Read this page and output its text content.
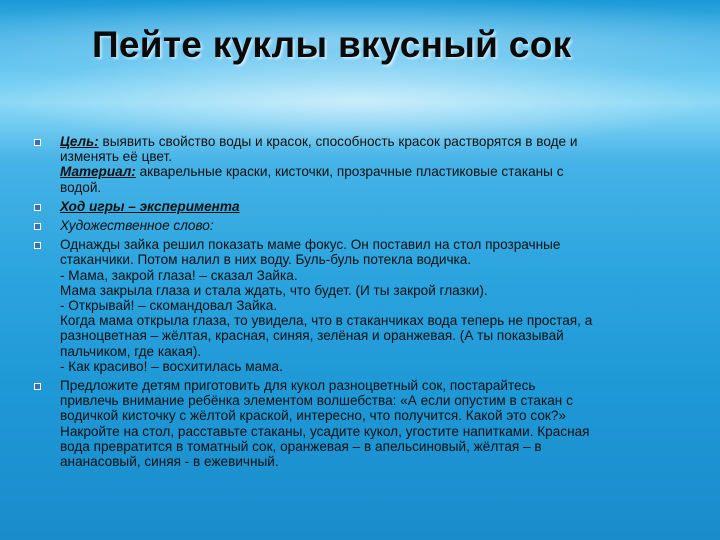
Пейте куклы вкусный сок
Цель: выявить свойство воды и красок, способность красок растворятся в воде и
изменять её цвет.
Материал: акварельные краски, кисточки, прозрачные пластиковые стаканы с
водой.
Ход игры – эксперимента
Художественное слово:
Однажды зайка решил показать маме фокус. Он поставил на стол прозрачные
стаканчики. Потом налил в них воду. Буль-буль потекла водичка.
- Мама, закрой глаза! – сказал Зайка.
Мама закрыла глаза и стала ждать, что будет. (И ты закрой глазки).
- Открывай! – скомандовал Зайка.
Когда мама открыла глаза, то увидела, что в стаканчиках вода теперь не простая, а
разноцветная – жёлтая, красная, синяя, зелёная и оранжевая. (А ты показывай
пальчиком, где какая).
- Как красиво! – восхитилась мама.
Предложите детям приготовить для кукол разноцветный сок, постарайтесь
привлечь внимание ребёнка элементом волшебства: «А если опустим в стакан с
водичкой кисточку с жёлтой краской, интересно, что получится. Какой это сок?»
Накройте на стол, расставьте стаканы, усадите кукол, угостите напитками. Красная
вода превратится в томатный сок, оранжевая – в апельсиновый, жёлтая – в
ананасовый, синяя - в ежевичный.
